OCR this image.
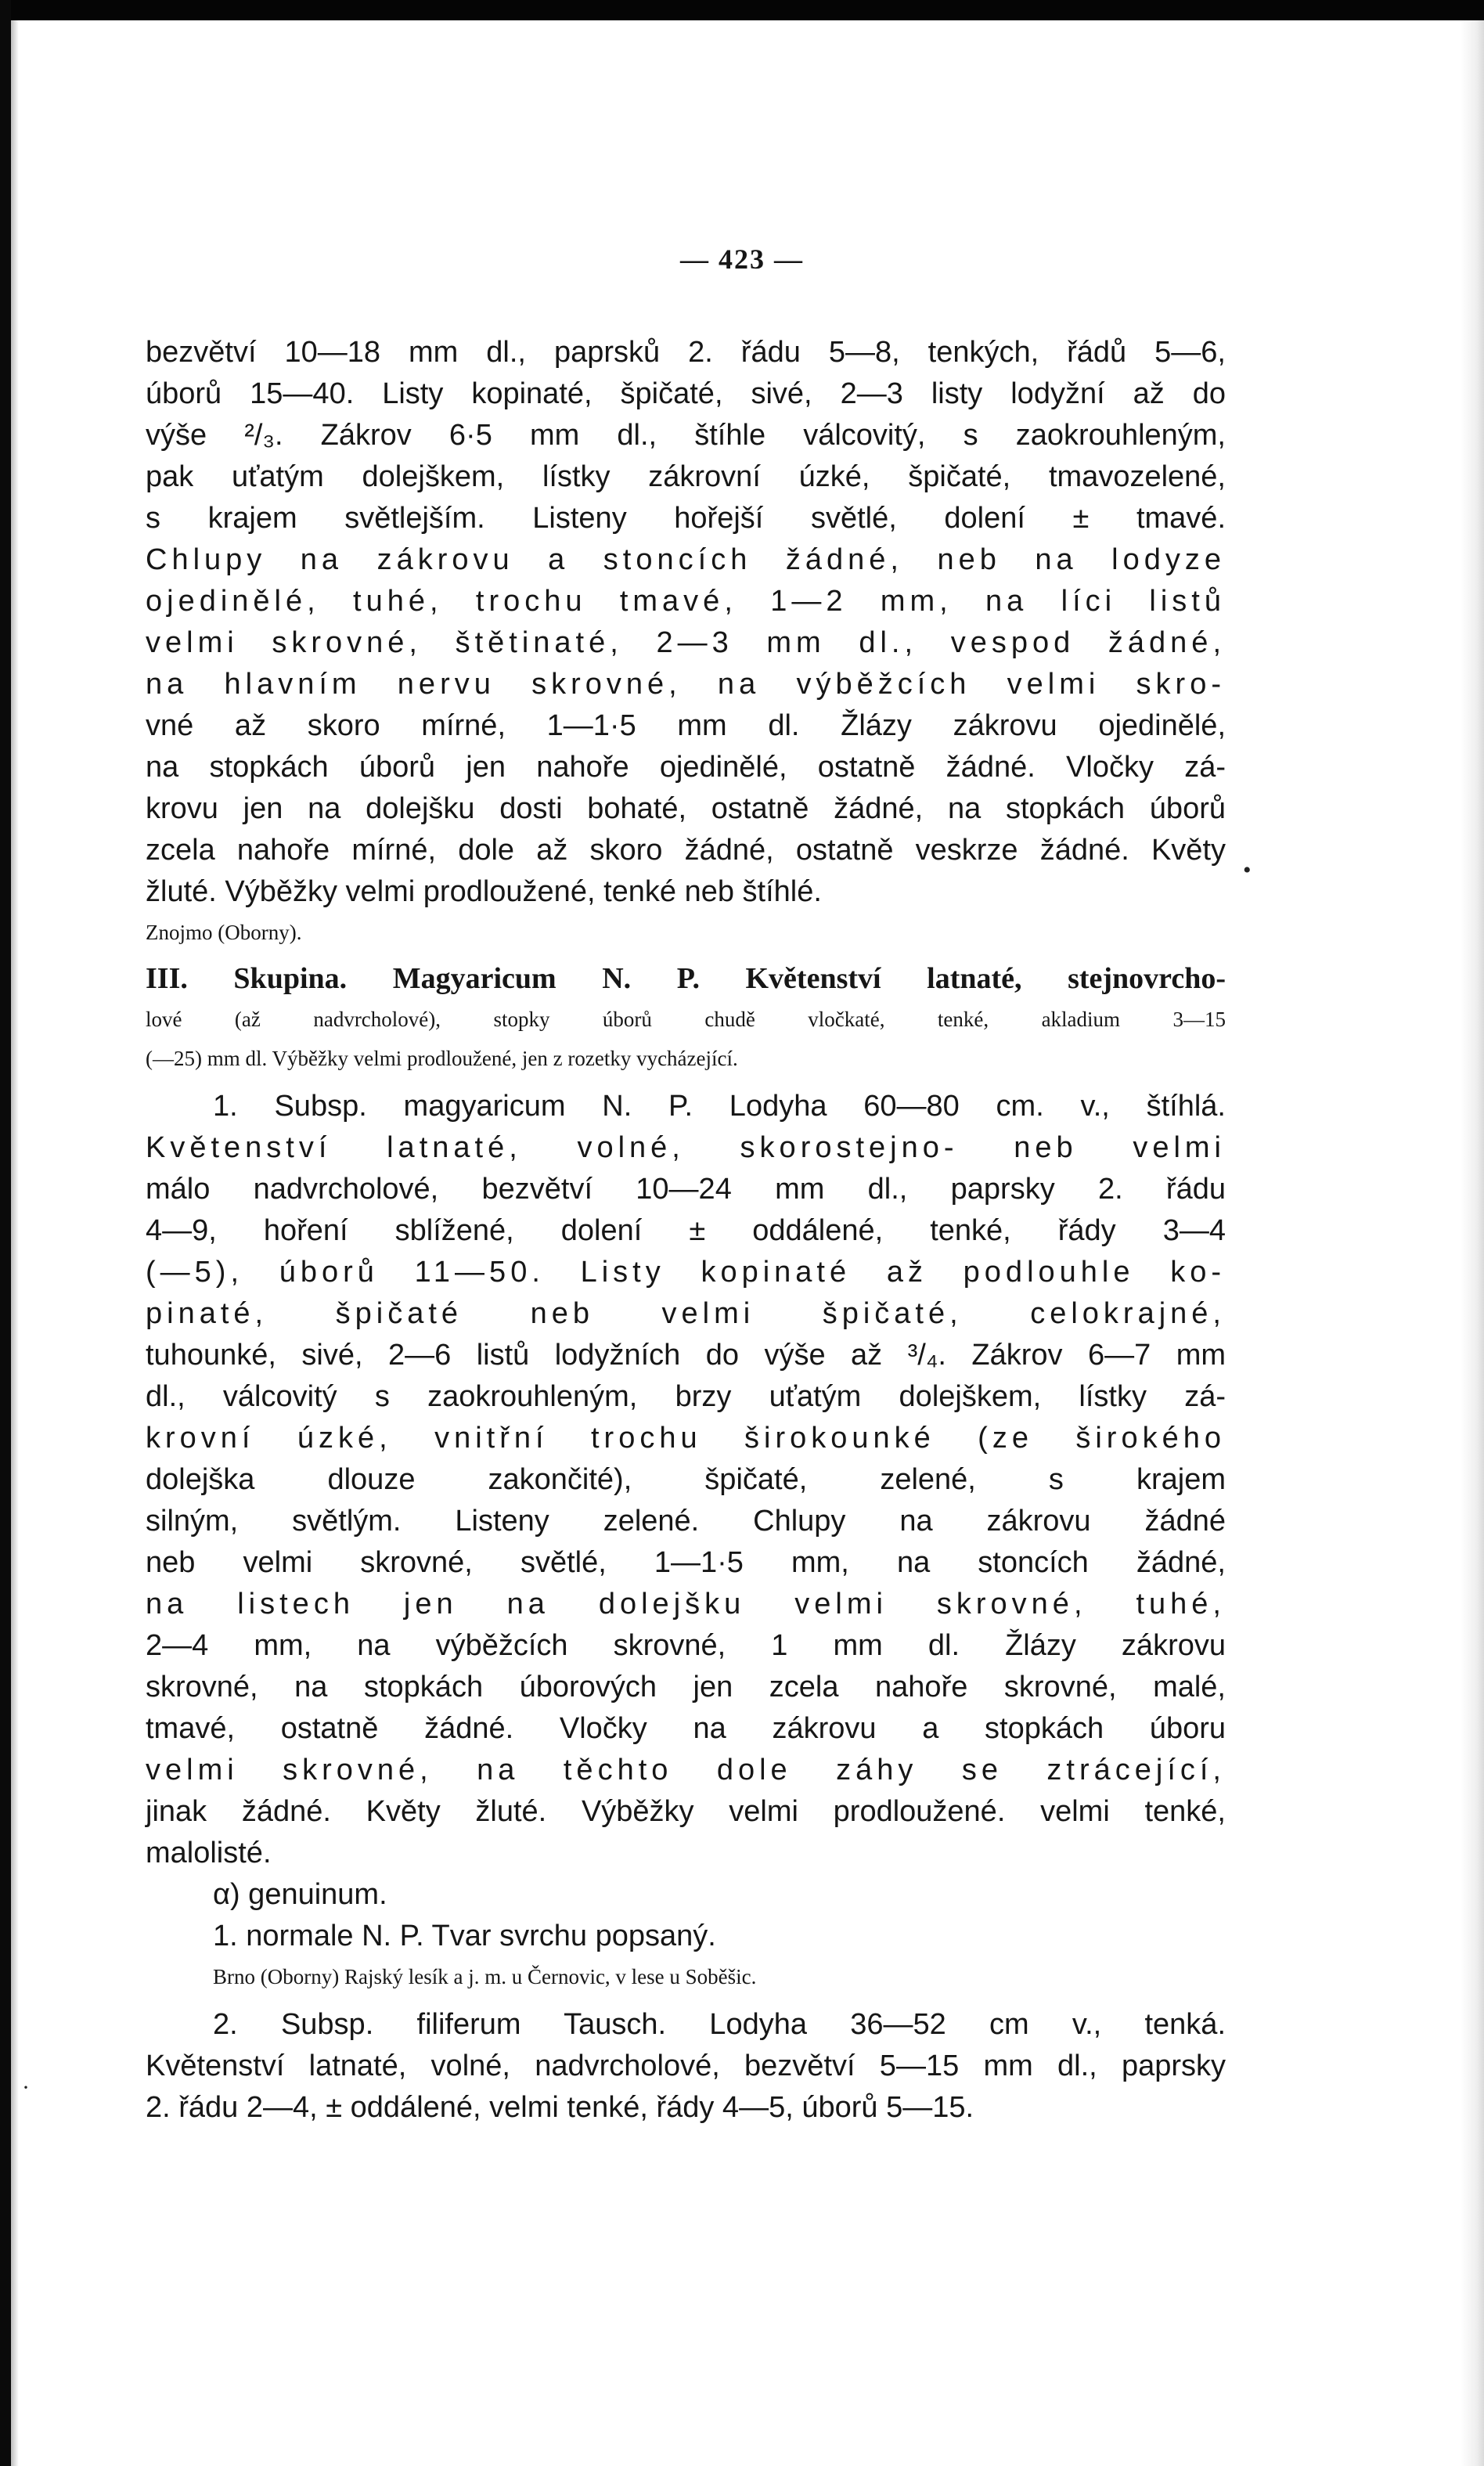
— 423 —
bezvětví 10—18 mm dl., paprsků 2. řádu 5—8, tenkých, řádů 5—6,
úborů 15—40. Listy kopinaté, špičaté, sivé, 2—3 listy lodyžní až do
výše ²/₃. Zákrov 6·5 mm dl., štíhle válcovitý, s zaokrouhleným,
pak uťatým dolejškem, lístky zákrovní úzké, špičaté, tmavozelené,
s krajem světlejším. Listeny hořejší světlé, dolení ± tmavé.
Chlupy na zákrovu a stoncích žádné, neb na lodyze
ojedinělé, tuhé, trochu tmavé, 1—2 mm, na líci listů
velmi skrovné, štětinaté, 2—3 mm dl., vespod žádné,
na hlavním nervu skrovné, na výběžcích velmi skro-
vné až skoro mírné, 1—1·5 mm dl. Žlázy zákrovu ojedinělé,
na stopkách úborů jen nahoře ojedinělé, ostatně žádné. Vločky zá-
krovu jen na dolejšku dosti bohaté, ostatně žádné, na stopkách úborů
zcela nahoře mírné, dole až skoro žádné, ostatně veskrze žádné. Květy
žluté. Výběžky velmi prodloužené, tenké neb štíhlé.
Znojmo (Oborny).
III. Skupina. Magyaricum N. P. Květenství latnaté, stejnovrcho-
lové (až nadvrcholové), stopky úborů chudě vločkaté, tenké, akladium 3—15
(—25) mm dl. Výběžky velmi prodloužené, jen z rozetky vycházející.
1. Subsp. magyaricum N. P. Lodyha 60—80 cm. v., štíhlá.
Květenství latnaté, volné, skorostejno- neb velmi
málo nadvrcholové, bezvětví 10—24 mm dl., paprsky 2. řádu
4—9, hoření sblížené, dolení ± oddálené, tenké, řády 3—4
(—5), úborů 11—50. Listy kopinaté až podlouhle ko-
pinaté, špičaté neb velmi špičaté, celokrajné,
tuhounké, sivé, 2—6 listů lodyžních do výše až ³/₄. Zákrov 6—7 mm
dl., válcovitý s zaokrouhleným, brzy uťatým dolejškem, lístky zá-
krovní úzké, vnitřní trochu širokounké (ze širokého
dolejška dlouze zakončité), špičaté, zelené, s krajem
silným, světlým. Listeny zelené. Chlupy na zákrovu žádné
neb velmi skrovné, světlé, 1—1·5 mm, na stoncích žádné,
na listech jen na dolejšku velmi skrovné, tuhé,
2—4 mm, na výběžcích skrovné, 1 mm dl. Žlázy zákrovu
skrovné, na stopkách úborových jen zcela nahoře skrovné, malé,
tmavé, ostatně žádné. Vločky na zákrovu a stopkách úboru
velmi skrovné, na těchto dole záhy se ztrácející,
jinak žádné. Květy žluté. Výběžky velmi prodloužené. velmi tenké,
malolisté.
α) genuinum.
1. normale N. P. Tvar svrchu popsaný.
Brno (Oborny) Rajský lesík a j. m. u Černovic, v lese u Soběšic.
2. Subsp. filiferum Tausch. Lodyha 36—52 cm v., tenká.
Květenství latnaté, volné, nadvrcholové, bezvětví 5—15 mm dl., paprsky
2. řádu 2—4, ± oddálené, velmi tenké, řády 4—5, úborů 5—15.
•
·
